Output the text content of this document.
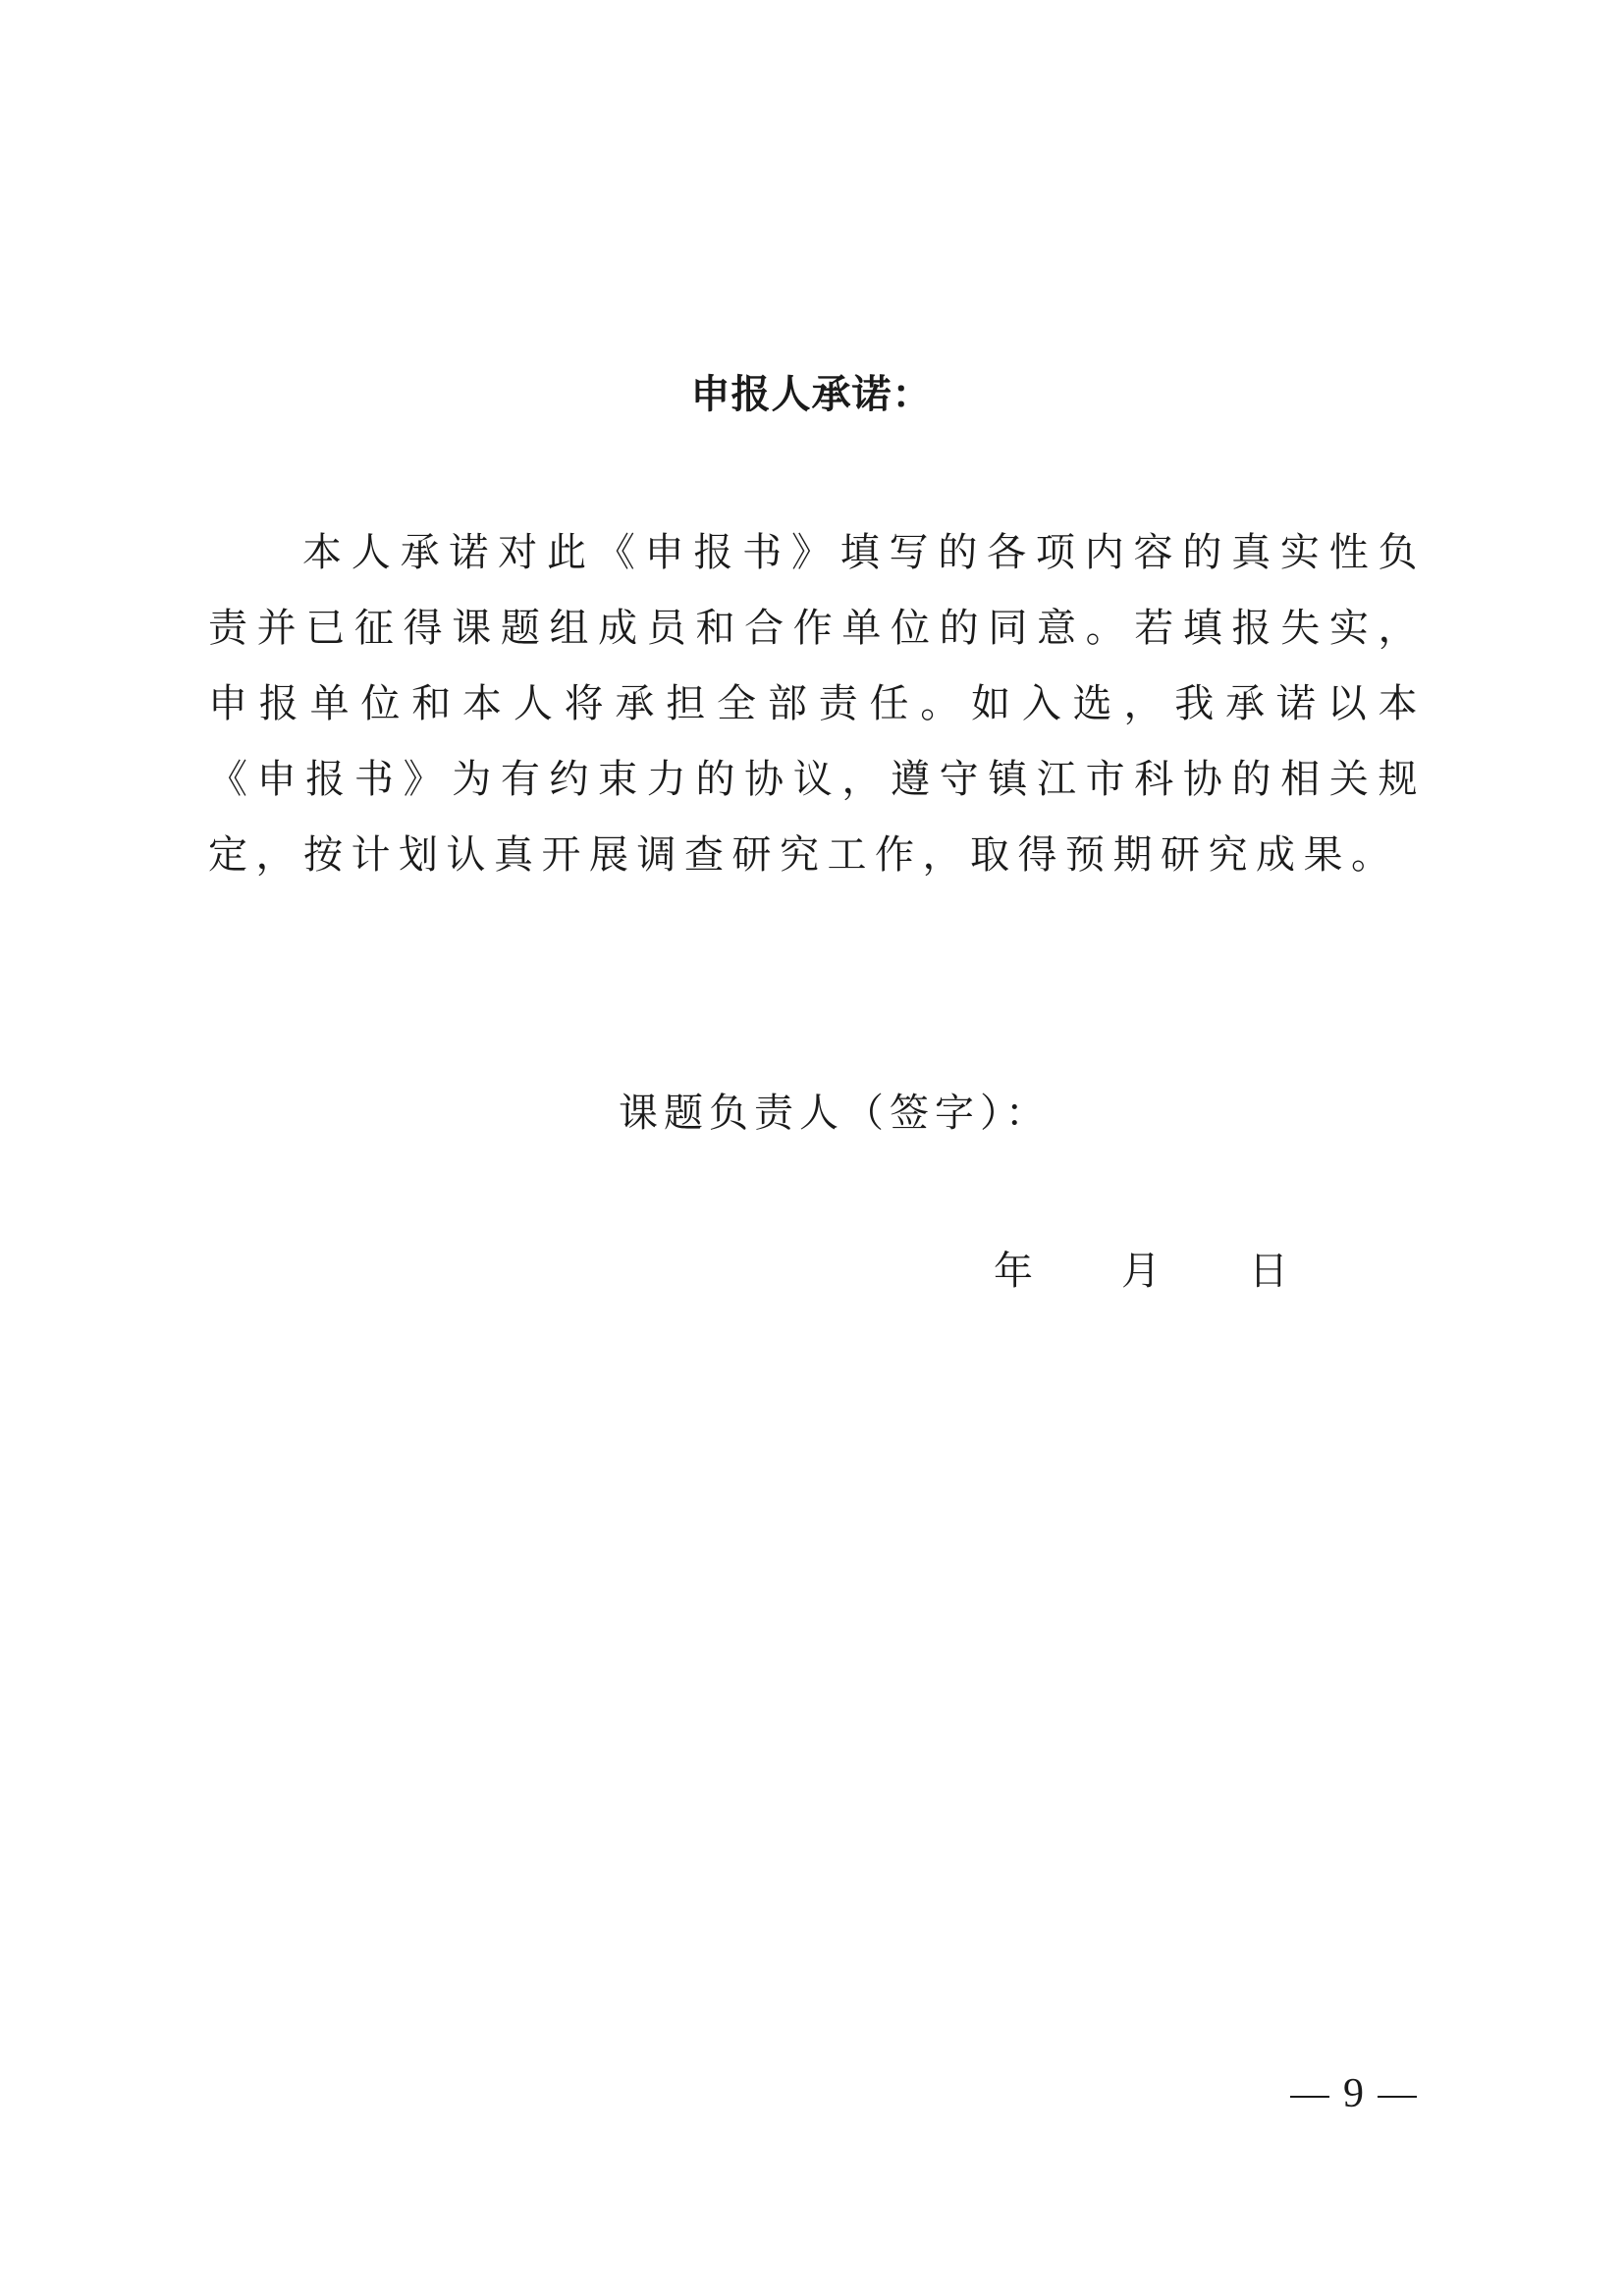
申报人承诺：

本人承诺对此《申报书》填写的各项内容的真实性负责并已征得课题组成员和合作单位的同意。若填报失实，申报单位和本人将承担全部责任。如入选，我承诺以本《申报书》为有约束力的协议，遵守镇江市科协的相关规定，按计划认真开展调查研究工作，取得预期研究成果。

课题负责人（签字）：
年 月 日
9
